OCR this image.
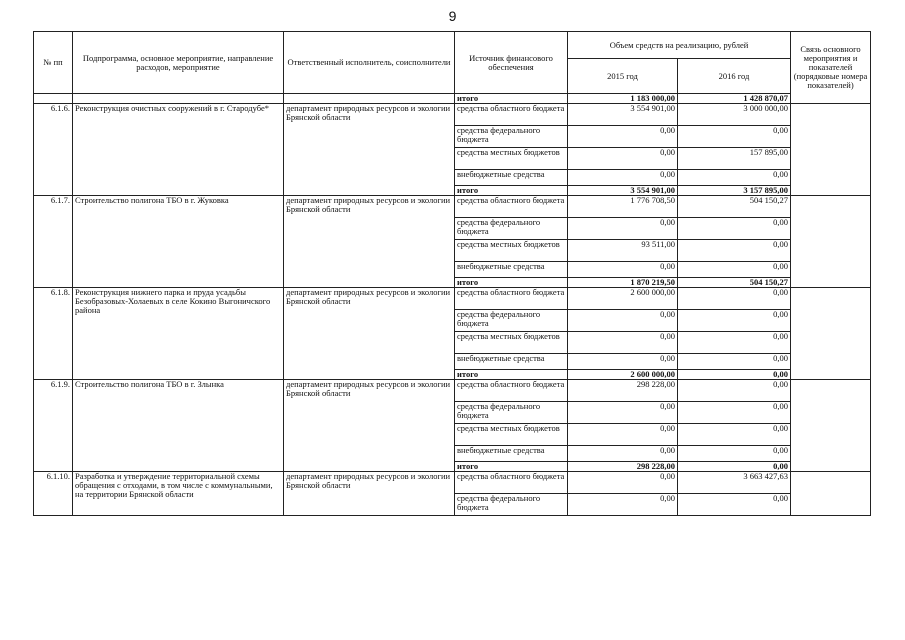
9
№ пп	Подпрограмма, основное мероприятие, направление расходов, мероприятие	Ответственный исполнитель, соисполнители	Источник финансового обеспечения	Объем средств на реализацию, рублей		Связь основного мероприятия и показателей (порядковые номера показателей)
				2015 год	2016 год	
			итого	1 183 000,00	1 428 870,07	
6.1.6.	Реконструкция очистных сооружений в г. Стародубе*	департамент природных ресурсов и экологии Брянской области	средства областного бюджета	3 554 901,00	3 000 000,00	
			средства федерального бюджета	0,00	0,00	
			средства местных бюджетов	0,00	157 895,00	
			внебюджетные средства	0,00	0,00	
			итого	3 554 901,00	3 157 895,00	
6.1.7.	Строительство полигона ТБО в г. Жуковка	департамент природных ресурсов и экологии Брянской области	средства областного бюджета	1 776 708,50	504 150,27	
			средства федерального бюджета	0,00	0,00	
			средства местных бюджетов	93 511,00	0,00	
			внебюджетные средства	0,00	0,00	
			итого	1 870 219,50	504 150,27	
6.1.8.	Реконструкция нижнего парка и пруда усадьбы Безобразовых-Холаевых в селе Кокино Выгоничского района	департамент природных ресурсов и экологии Брянской области	средства областного бюджета	2 600 000,00	0,00	
			средства федерального бюджета	0,00	0,00	
			средства местных бюджетов	0,00	0,00	
			внебюджетные средства	0,00	0,00	
			итого	2 600 000,00	0,00	
6.1.9.	Строительство полигона ТБО в г. Злынка	департамент природных ресурсов и экологии Брянской области	средства областного бюджета	298 228,00	0,00	
			средства федерального бюджета	0,00	0,00	
			средства местных бюджетов	0,00	0,00	
			внебюджетные средства	0,00	0,00	
			итого	298 228,00	0,00	
6.1.10.	Разработка и утверждение территориальной схемы обращения с отходами, в том числе с коммунальными, на территории Брянской области	департамент природных ресурсов и экологии Брянской области	средства областного бюджета	0,00	3 663 427,63	
			средства федерального бюджета	0,00	0,00	
